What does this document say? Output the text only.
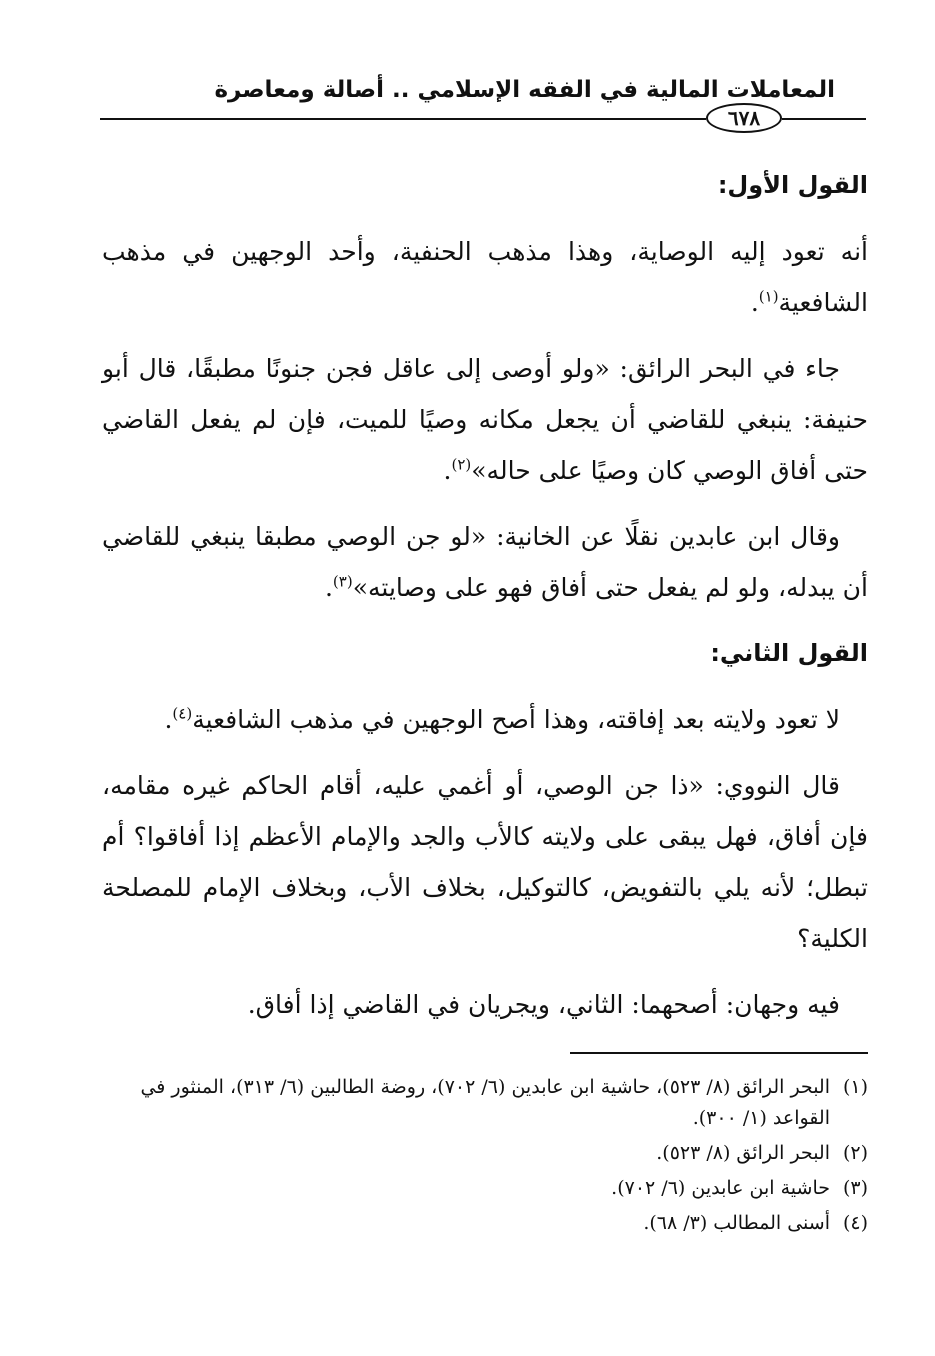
المعاملات المالية في الفقه الإسلامي .. أصالة ومعاصرة
٦٧٨

القول الأول:

أنه تعود إليه الوصاية، وهذا مذهب الحنفية، وأحد الوجهين في مذهب الشافعية$^{(١)}$.

جاء في البحر الرائق: «ولو أوصى إلى عاقل فجن جنونًا مطبقًا، قال أبو حنيفة: ينبغي للقاضي أن يجعل مكانه وصيًا للميت، فإن لم يفعل القاضي حتى أفاق الوصي كان وصيًا على حاله»$^{(٢)}$.

وقال ابن عابدين نقلًا عن الخانية: «لو جن الوصي مطبقا ينبغي للقاضي أن يبدله، ولو لم يفعل حتى أفاق فهو على وصايته»$^{(٣)}$.

القول الثاني:

لا تعود ولايته بعد إفاقته، وهذا أصح الوجهين في مذهب الشافعية$^{(٤)}$.

قال النووي: «ذا جن الوصي، أو أغمي عليه، أقام الحاكم غيره مقامه، فإن أفاق، فهل يبقى على ولايته كالأب والجد والإمام الأعظم إذا أفاقوا؟ أم تبطل؛ لأنه يلي بالتفويض، كالتوكيل، بخلاف الأب، وبخلاف الإمام للمصلحة الكلية؟

فيه وجهان: أصحهما: الثاني، ويجريان في القاضي إذا أفاق.

(١)البحر الرائق (٨/ ٥٢٣)، حاشية ابن عابدين (٦/ ٧٠٢)، روضة الطالبين (٦/ ٣١٣)، المنثور في القواعد (١/ ٣٠٠).
(٢)البحر الرائق (٨/ ٥٢٣).
(٣)حاشية ابن عابدين (٦/ ٧٠٢).
(٤)أسنى المطالب (٣/ ٦٨).
